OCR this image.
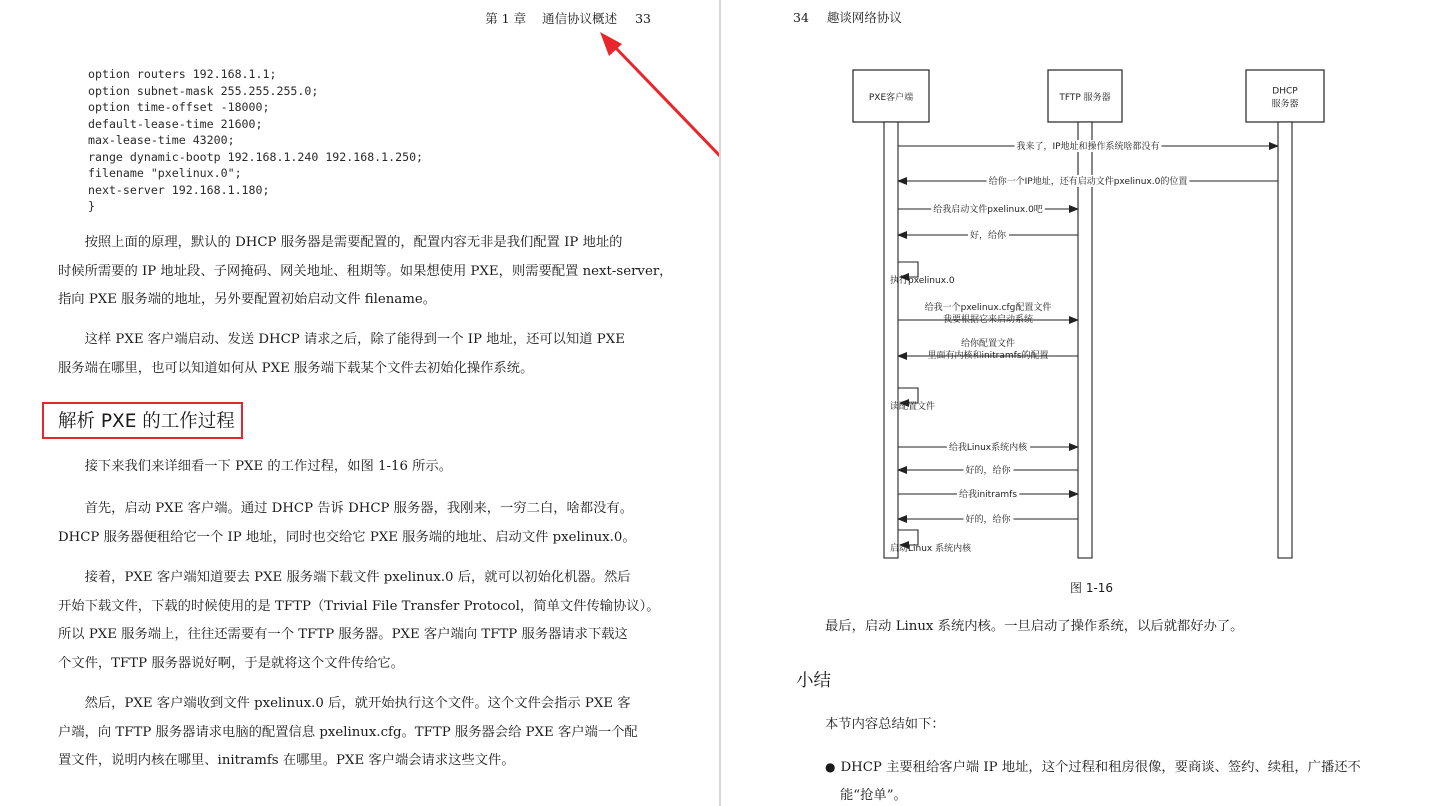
第 1 章 通信协议概述 33
option routers 192.168.1.1;
option subnet-mask 255.255.255.0;
option time-offset -18000;
default-lease-time 21600;
max-lease-time 43200;
range dynamic-bootp 192.168.1.240 192.168.1.250;
filename "pxelinux.0";
next-server 192.168.1.180;
}
按照上面的原理，默认的 DHCP 服务器是需要配置的，配置内容无非是我们配置 IP 地址的
时候所需要的 IP 地址段、子网掩码、网关地址、租期等。如果想使用 PXE，则需要配置 next-server，
指向 PXE 服务端的地址，另外要配置初始启动文件 filename。
这样 PXE 客户端启动、发送 DHCP 请求之后，除了能得到一个 IP 地址，还可以知道 PXE
服务端在哪里，也可以知道如何从 PXE 服务端下载某个文件去初始化操作系统。
解析 PXE 的工作过程
接下来我们来详细看一下 PXE 的工作过程，如图 1-16 所示。
首先，启动 PXE 客户端。通过 DHCP 告诉 DHCP 服务器，我刚来，一穷二白，啥都没有。
DHCP 服务器便租给它一个 IP 地址，同时也交给它 PXE 服务端的地址、启动文件 pxelinux.0。
接着，PXE 客户端知道要去 PXE 服务端下载文件 pxelinux.0 后，就可以初始化机器。然后
开始下载文件，下载的时候使用的是 TFTP（Trivial File Transfer Protocol，简单文件传输协议）。
所以 PXE 服务端上，往往还需要有一个 TFTP 服务器。PXE 客户端向 TFTP 服务器请求下载这
个文件，TFTP 服务器说好啊，于是就将这个文件传给它。
然后，PXE 客户端收到文件 pxelinux.0 后，就开始执行这个文件。这个文件会指示 PXE 客
户端，向 TFTP 服务器请求电脑的配置信息 pxelinux.cfg。TFTP 服务器会给 PXE 客户端一个配
置文件，说明内核在哪里、initramfs 在哪里。PXE 客户端会请求这些文件。
34 趣谈网络协议
PXE客户端	TFTP 服务器
DHCP
服务器
我来了，IP地址和操作系统啥都没有
给你一个IP地址，还有启动文件pxelinux.0的位置
给我启动文件pxelinux.0吧
好，给你
执行pxelinux.0
给我一个pxelinux.cfg配置文件
我要根据它来启动系统
给你配置文件
里面有内核和initramfs的配置
读配置文件
给我Linux系统内核
好的，给你
给我initramfs
好的，给你
启动Linux 系统内核
图 1-16
最后，启动 Linux 系统内核。一旦启动了操作系统，以后就都好办了。
小结
本节内容总结如下：
● DHCP 主要租给客户端 IP 地址，这个过程和租房很像，要商谈、签约、续租，广播还不
能“抢单”。
